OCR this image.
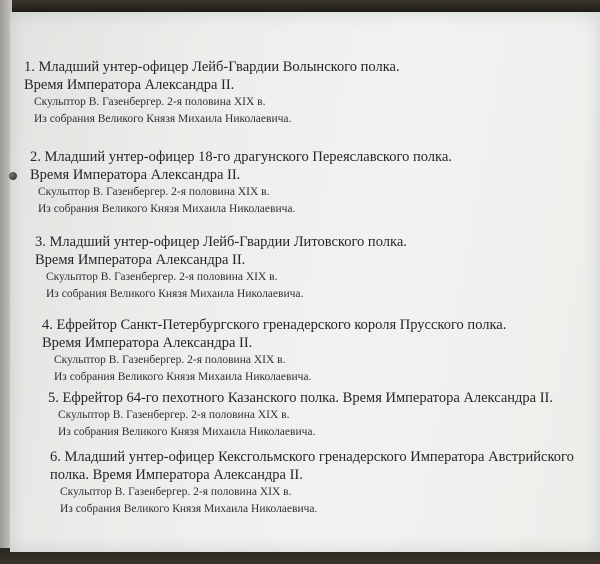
1. Младший унтер-офицер Лейб-Гвардии Волынского полка.
Время Императора Александра II.
Скульптор В. Газенбергер. 2-я половина XIX в.
Из собрания Великого Князя Михаила Николаевича.
2. Младший унтер-офицер 18-го драгунского Переяславского полка.
Время Императора Александра II.
Скульптор В. Газенбергер. 2-я половина XIX в.
Из собрания Великого Князя Михаила Николаевича.
3. Младший унтер-офицер Лейб-Гвардии Литовского полка.
Время Императора Александра II.
Скульптор В. Газенбергер. 2-я половина XIX в.
Из собрания Великого Князя Михаила Николаевича.
4. Ефрейтор Санкт-Петербургского гренадерского короля Прусского полка.
Время Императора Александра II.
Скульптор В. Газенбергер. 2-я половина XIX в.
Из собрания Великого Князя Михаила Николаевича.
5. Ефрейтор 64-го пехотного Казанского полка. Время Императора Александра II.
Скульптор В. Газенбергер. 2-я половина XIX в.
Из собрания Великого Князя Михаила Николаевича.
6. Младший унтер-офицер Кексгольмского гренадерского Императора Австрийского
полка. Время Императора Александра II.
Скульптор В. Газенбергер. 2-я половина XIX в.
Из собрания Великого Князя Михаила Николаевича.
